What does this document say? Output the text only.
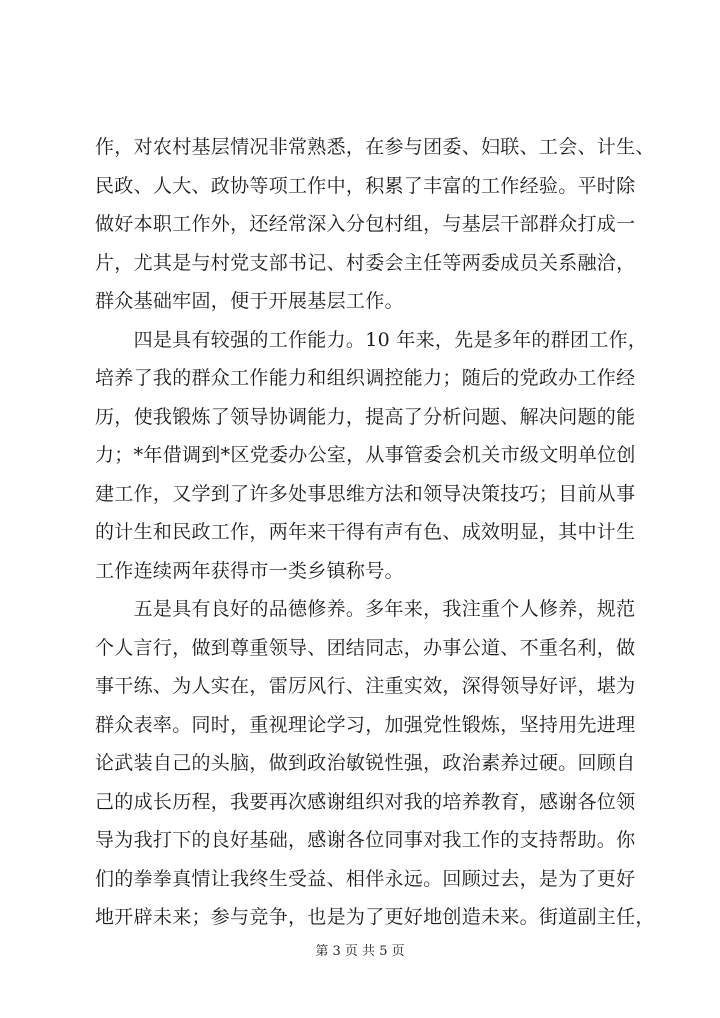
作，对农村基层情况非常熟悉，在参与团委、妇联、工会、计生、
民政、人大、政协等项工作中，积累了丰富的工作经验。平时除
做好本职工作外，还经常深入分包村组，与基层干部群众打成一
片，尤其是与村党支部书记、村委会主任等两委成员关系融洽，
群众基础牢固，便于开展基层工作。
　　四是具有较强的工作能力。10 年来，先是多年的群团工作，
培养了我的群众工作能力和组织调控能力；随后的党政办工作经
历，使我锻炼了领导协调能力，提高了分析问题、解决问题的能
力；*年借调到*区党委办公室，从事管委会机关市级文明单位创
建工作，又学到了许多处事思维方法和领导决策技巧；目前从事
的计生和民政工作，两年来干得有声有色、成效明显，其中计生
工作连续两年获得市一类乡镇称号。
　　五是具有良好的品德修养。多年来，我注重个人修养，规范
个人言行，做到尊重领导、团结同志，办事公道、不重名利，做
事干练、为人实在，雷厉风行、注重实效，深得领导好评，堪为
群众表率。同时，重视理论学习，加强党性锻炼，坚持用先进理
论武装自己的头脑，做到政治敏锐性强，政治素养过硬。回顾自
己的成长历程，我要再次感谢组织对我的培养教育，感谢各位领
导为我打下的良好基础，感谢各位同事对我工作的支持帮助。你
们的拳拳真情让我终生受益、相伴永远。回顾过去，是为了更好
地开辟未来；参与竞争，也是为了更好地创造未来。街道副主任，
第 3 页 共 5 页
